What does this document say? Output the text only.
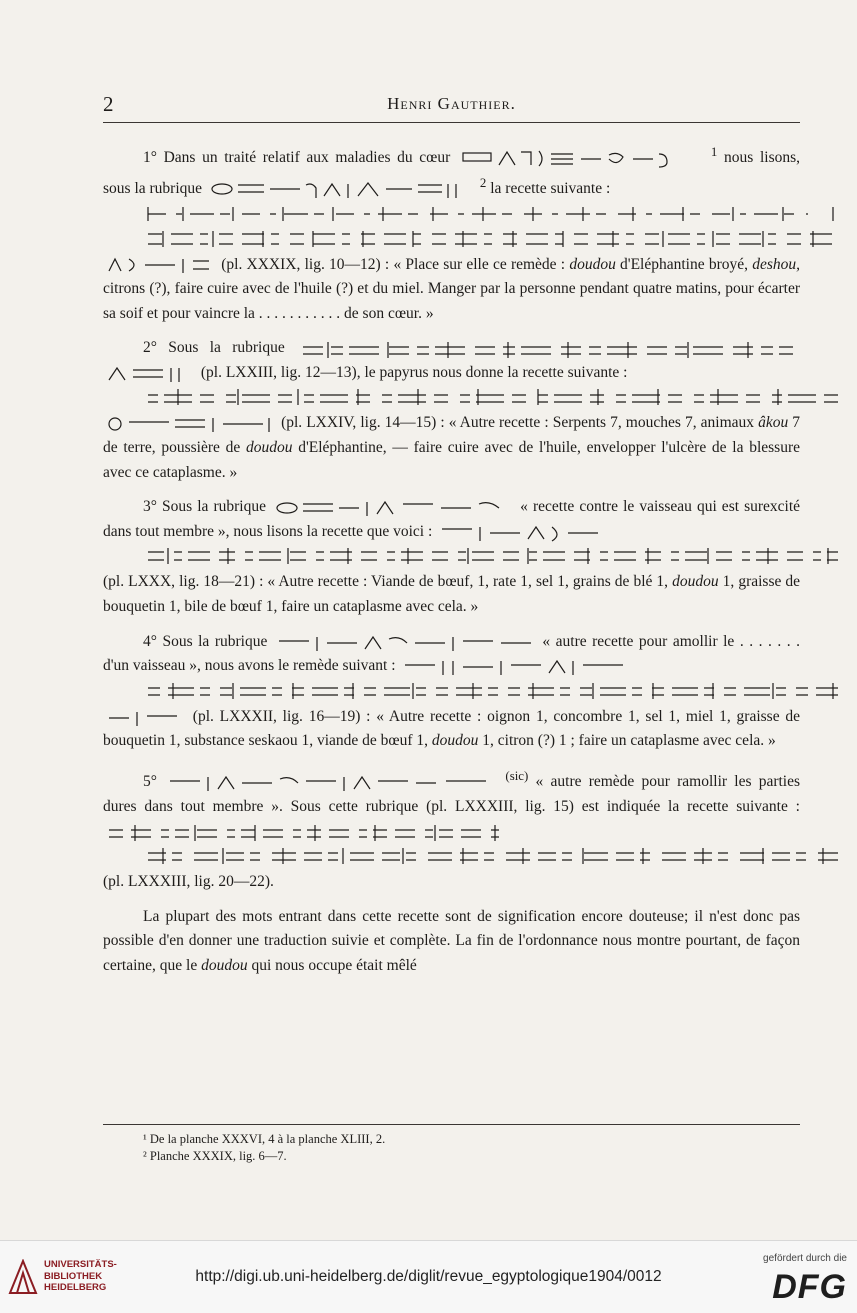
2	Henri Gauthier.

1° Dans un traité relatif aux maladies du cœur	$^1$ nous lisons, sous la rubrique	$^2$ la recette suivante :
(pl. XXXIX, lig. 10—12) : « Place sur elle ce remède : doudou d'Eléphantine broyé, deshou, citrons (?), faire cuire avec de l'huile (?) et du miel. Manger par la personne pendant quatre matins, pour écarter sa soif et pour vaincre la . . . . . . . . . . . de son cœur. »

2° Sous la rubrique   (pl. LXXIII, lig. 12—13), le papyrus nous donne la recette suivante :
(pl. LXXIV, lig. 14—15) : « Autre recette : Serpents 7, mouches 7, animaux âkou 7 de terre, poussière de doudou d'Eléphantine, — faire cuire avec de l'huile, envelopper l'ulcère de la blessure avec ce cataplasme. »

3° Sous la rubrique	« recette contre le vaisseau qui est surexcité dans tout membre », nous lisons la recette que voici :
(pl. LXXX, lig. 18—21) : « Autre recette : Viande de bœuf, 1, rate 1, sel 1, grains de blé 1, doudou 1, graisse de bouquetin 1, bile de bœuf 1, faire un cataplasme avec cela. »

4° Sous la rubrique	« autre recette pour amollir le . . . . . . . d'un vaisseau », nous avons le remède suivant :
(pl. LXXXII, lig. 16—19) : « Autre recette : oignon 1, concombre 1, sel 1, miel 1, graisse de bouquetin 1, substance seskaou 1, viande de bœuf 1, doudou 1, citron (?) 1 ; faire un cataplasme avec cela. »

5°	$^{(sic)}$ « autre remède pour ramollir les parties dures dans tout membre ». Sous cette rubrique (pl. LXXXIII, lig. 15) est indiquée la recette suivante :
(pl. LXXXIII, lig. 20—22).

La plupart des mots entrant dans cette recette sont de signification encore douteuse; il n'est donc pas possible d'en donner une traduction suivie et complète. La fin de l'ordonnance nous montre pourtant, de façon certaine, que le doudou qui nous occupe était mêlé

¹ De la planche XXXVI, 4 à la planche XLIII, 2.
² Planche XXXIX, lig. 6—7.
UNIVERSITÄTS-
BIBLIOTHEK
HEIDELBERG
http://digi.ub.uni-heidelberg.de/diglit/revue_egyptologique1904/0012
gefördert durch die
DFG
